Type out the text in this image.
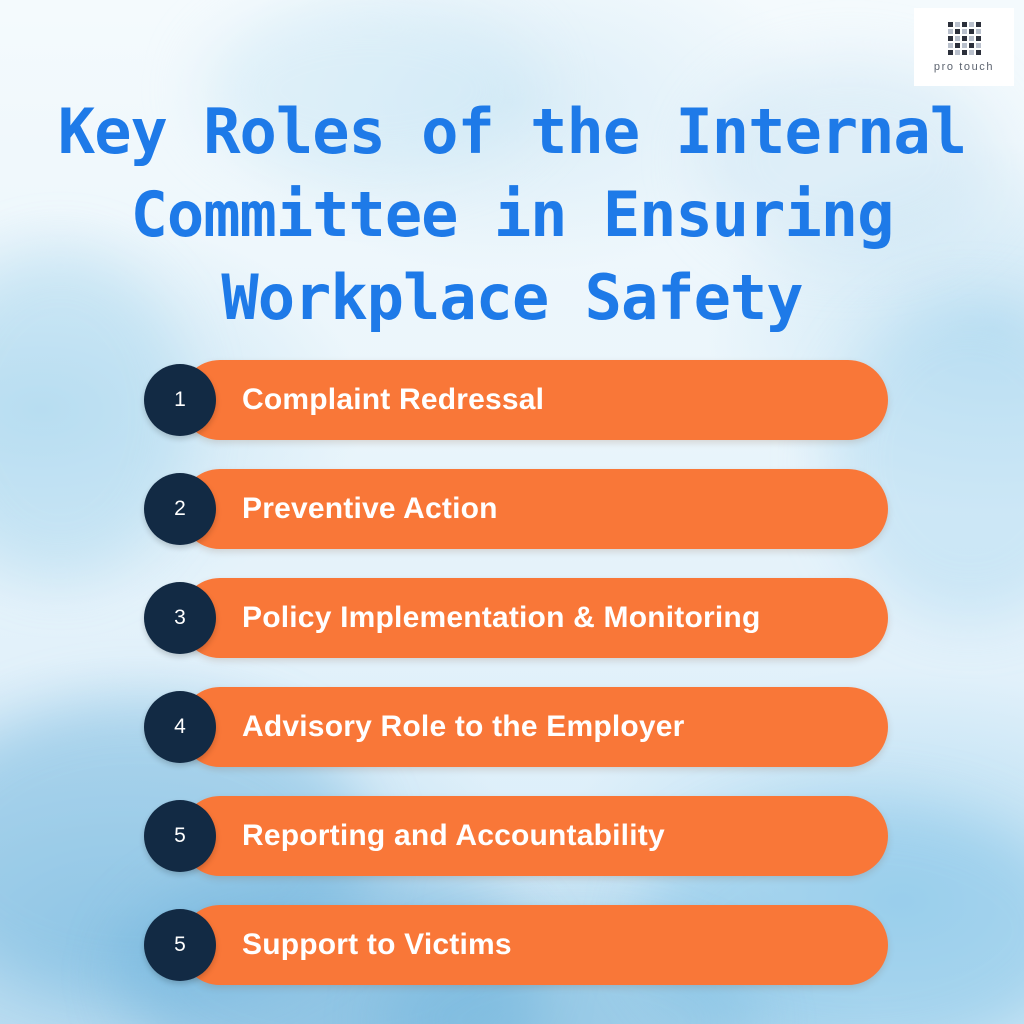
pro touch
Key Roles of the Internal Committee in Ensuring Workplace Safety
1	Complaint Redressal
2	Preventive Action
3	Policy Implementation & Monitoring
4	Advisory Role to the Employer
5	Reporting and Accountability
5	Support to Victims
